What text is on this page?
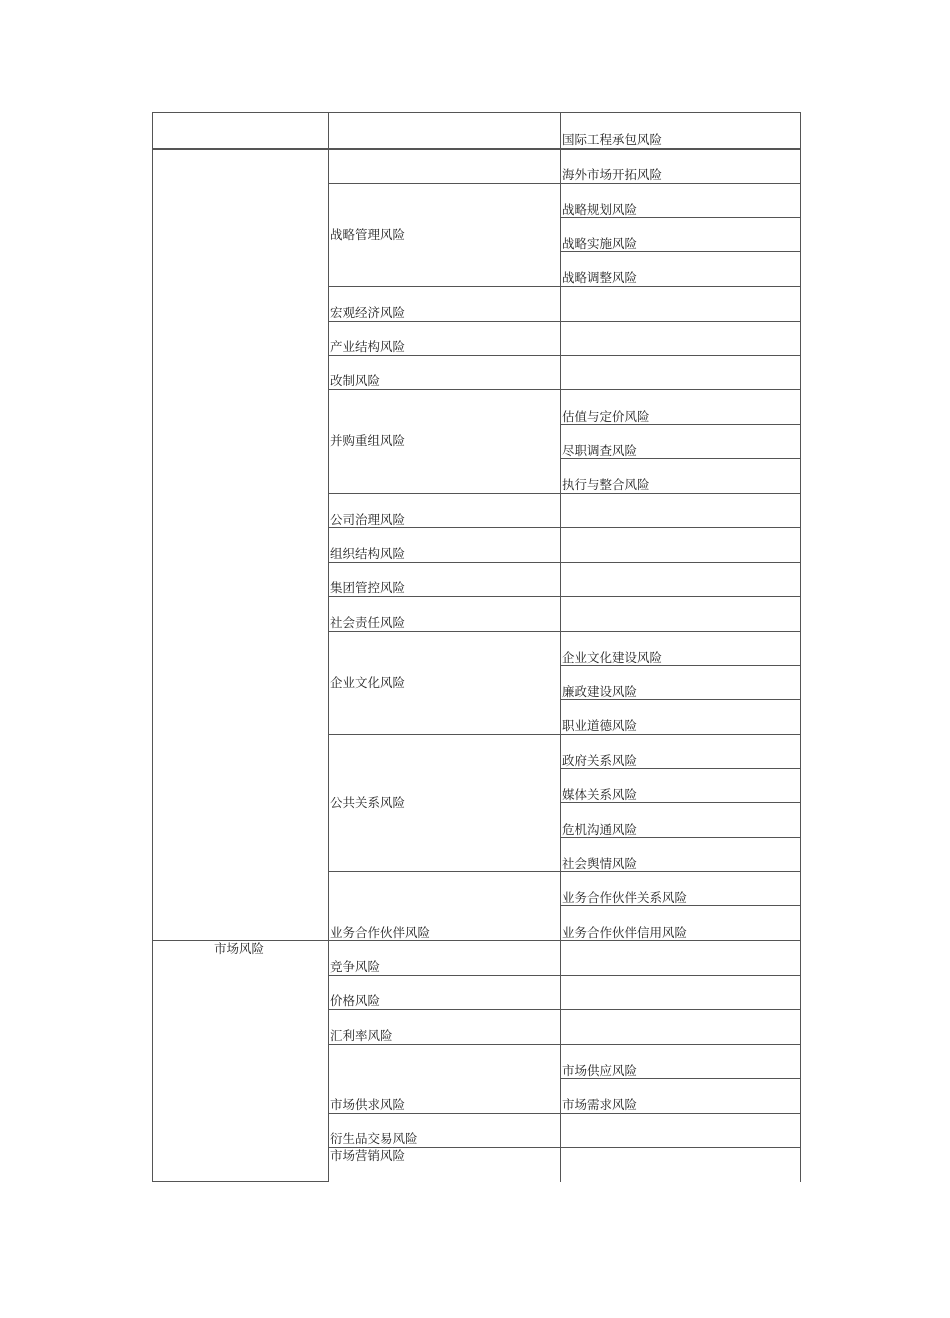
市场风险
战略管理风险
宏观经济风险
产业结构风险
改制风险
并购重组风险
公司治理风险
组织结构风险
集团管控风险
社会责任风险
企业文化风险
公共关系风险
业务合作伙伴风险
竞争风险
价格风险
汇利率风险
市场供求风险
衍生品交易风险
市场营销风险
国际工程承包风险
海外市场开拓风险
战略规划风险
战略实施风险
战略调整风险
估值与定价风险
尽职调查风险
执行与整合风险
企业文化建设风险
廉政建设风险
职业道德风险
政府关系风险
媒体关系风险
危机沟通风险
社会舆情风险
业务合作伙伴关系风险
业务合作伙伴信用风险
市场供应风险
市场需求风险
